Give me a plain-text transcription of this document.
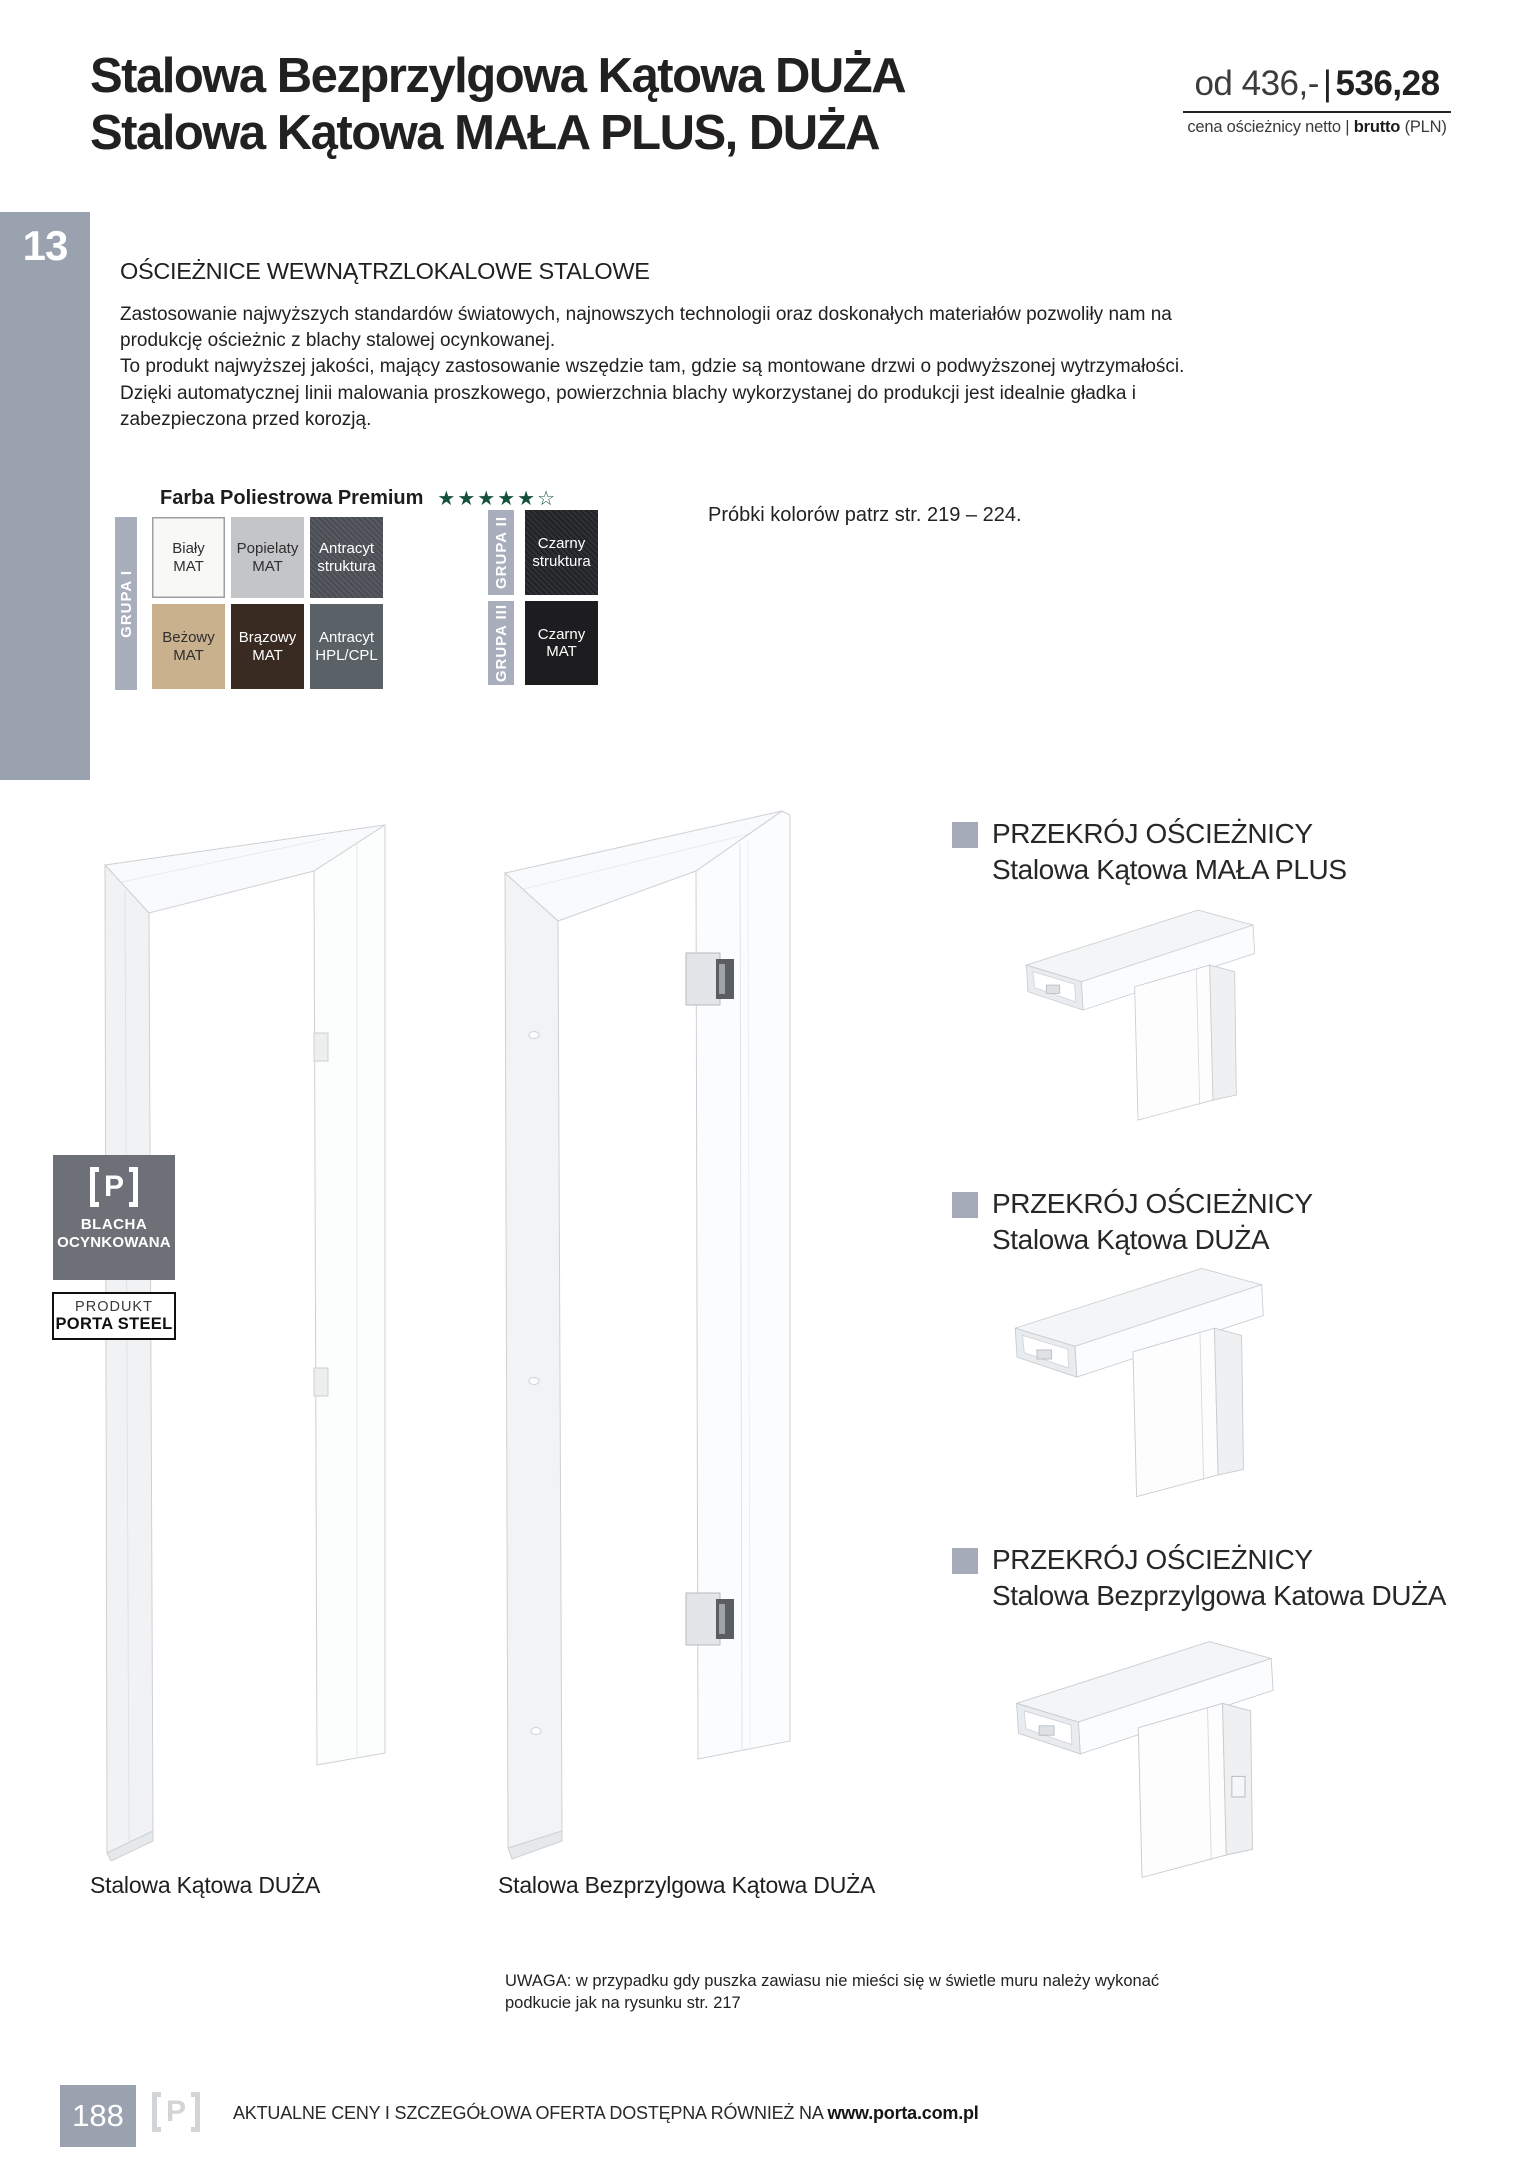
13
Stalowa Bezprzylgowa Kątowa DUŻA
Stalowa Kątowa MAŁA PLUS, DUŻA
od 436,- | 536,28
cena ościeżnicy netto | brutto (PLN)
OŚCIEŻNICE WEWNĄTRZLOKALOWE STALOWE
Zastosowanie najwyższych standardów światowych, najnowszych technologii oraz doskonałych materiałów pozwoliły nam na produkcję ościeżnic z blachy stalowej ocynkowanej.
To produkt najwyższej jakości, mający zastosowanie wszędzie tam, gdzie są montowane drzwi o podwyższonej wytrzymałości.
Dzięki automatycznej linii malowania proszkowego, powierzchnia blachy wykorzystanej do produkcji jest idealnie gładka i zabezpieczona przed korozją.
Farba Poliestrowa Premium ★★★★★☆
GRUPA I
Biały
MAT
Popielaty
MAT
Antracyt
struktura
Beżowy
MAT
Brązowy
MAT
Antracyt
HPL/CPL
GRUPA II Czarny
struktura
GRUPA III Czarny
MAT
Próbki kolorów patrz str. 219 – 224.
PRZEKRÓJ OŚCIEŻNICY
Stalowa Kątowa MAŁA PLUS
PRZEKRÓJ OŚCIEŻNICY
Stalowa Kątowa DUŻA
PRZEKRÓJ OŚCIEŻNICY
Stalowa Bezprzylgowa Katowa DUŻA
P
BLACHA
OCYNKOWANA
PRODUKT
PORTA STEEL
Stalowa Kątowa DUŻA	Stalowa Bezprzylgowa Kątowa DUŻA
UWAGA: w przypadku gdy puszka zawiasu nie mieści się w świetle muru należy wykonać
podkucie jak na rysunku str. 217
188	P	AKTUALNE CENY I SZCZEGÓŁOWA OFERTA DOSTĘPNA RÓWNIEŻ NA www.porta.com.pl
